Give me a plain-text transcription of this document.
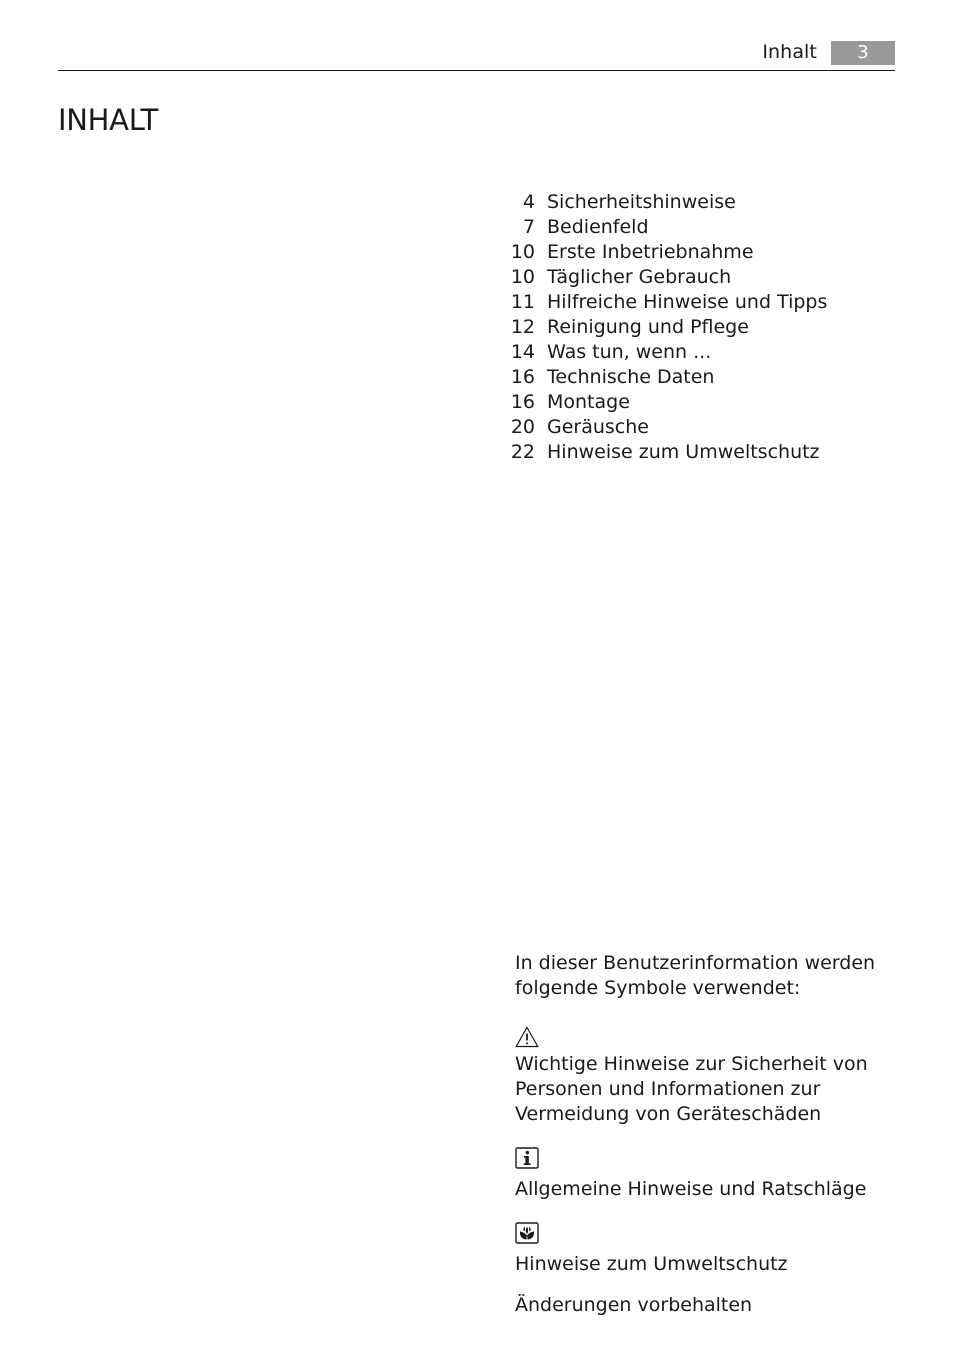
Inhalt	3
INHALT
4 Sicherheitshinweise
7 Bedienfeld
10 Erste Inbetriebnahme
10 Täglicher Gebrauch
11 Hilfreiche Hinweise und Tipps
12 Reinigung und Pflege
14 Was tun, wenn ...
16 Technische Daten
16 Montage
20 Geräusche
22 Hinweise zum Umweltschutz

In dieser Benutzerinformation werden

folgende Symbole verwendet:

Wichtige Hinweise zur Sicherheit von

Personen und Informationen zur

Vermeidung von Geräteschäden

Allgemeine Hinweise und Ratschläge

Hinweise zum Umweltschutz

Änderungen vorbehalten
